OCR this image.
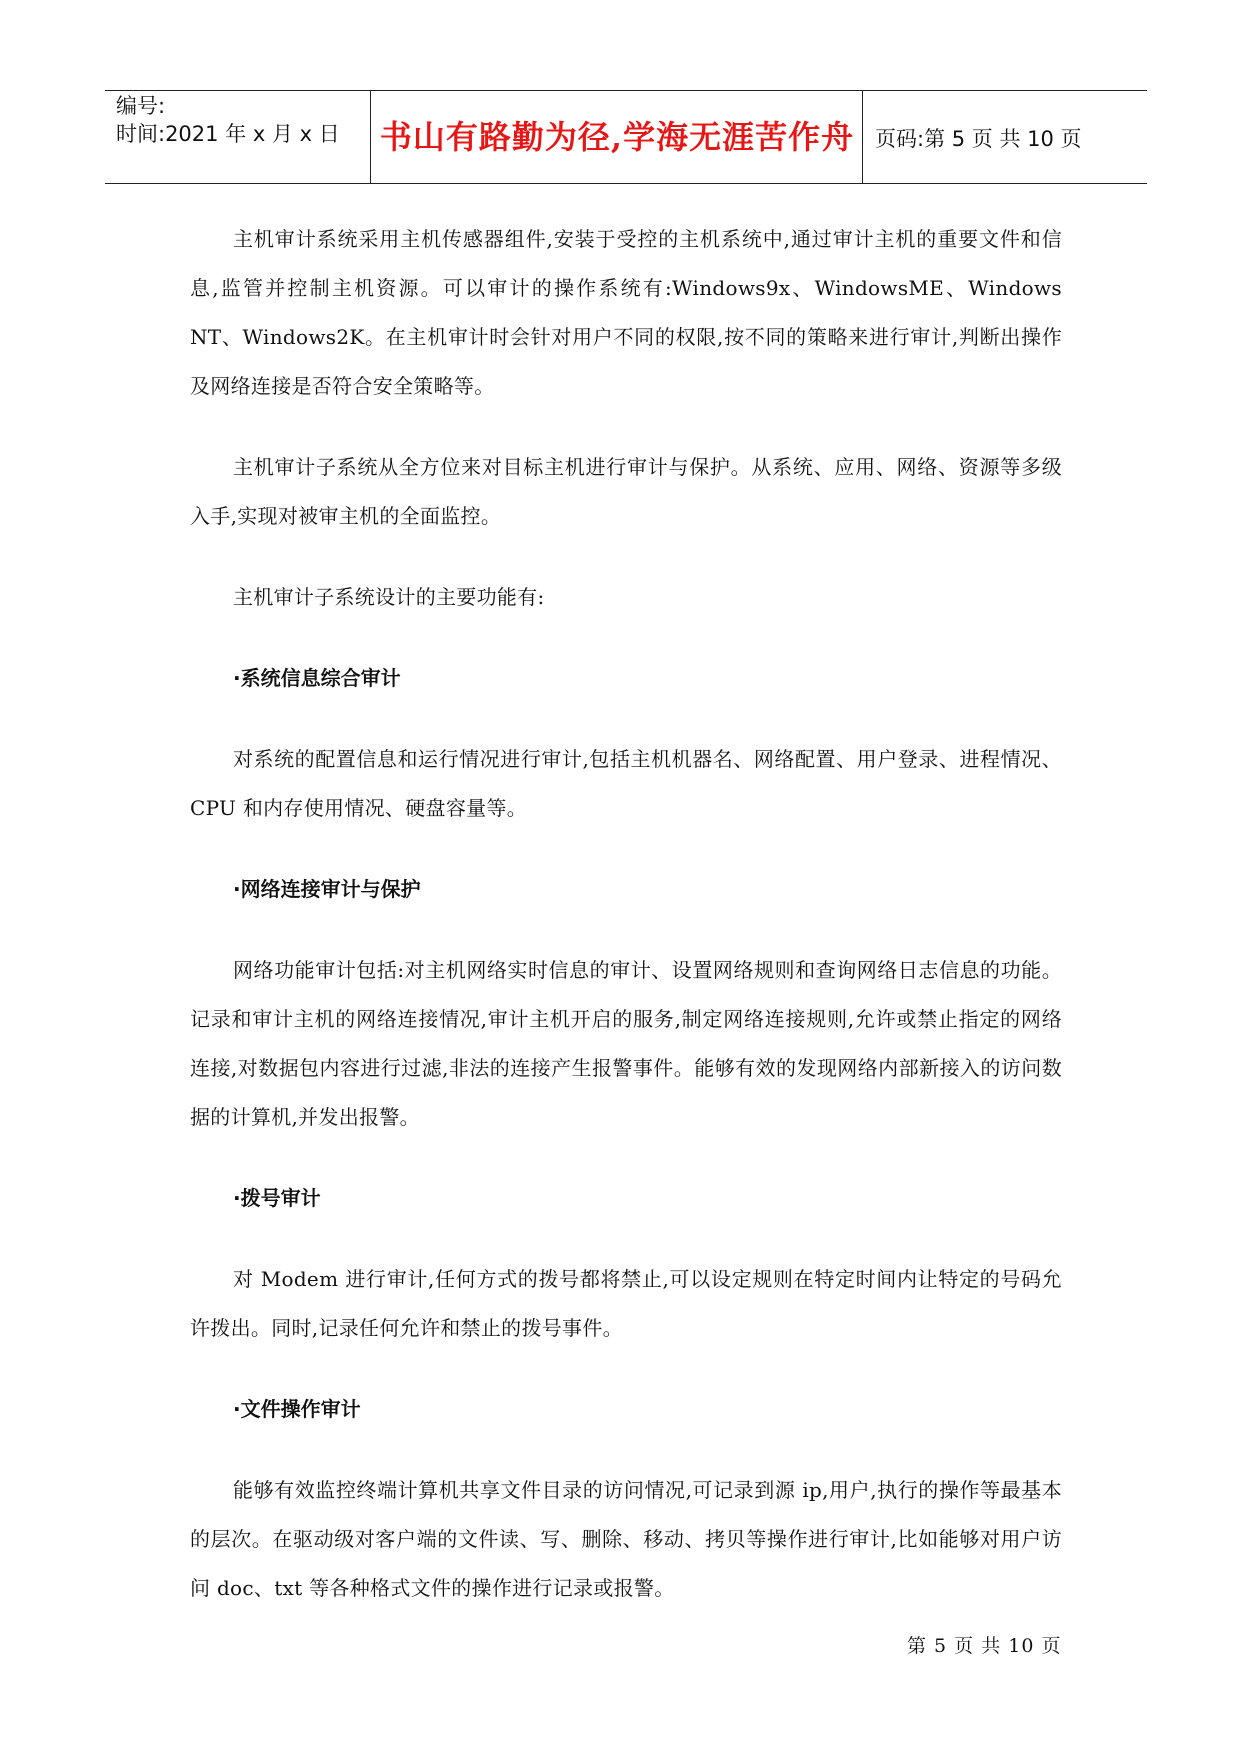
编号:
时间:2021 年 x 月 x 日	书山有路勤为径,学海无涯苦作舟 页码:第 5 页 共 10 页

主机审计系统采用主机传感器组件,安装于受控的主机系统中,通过审计主机的重要文件和信息,监管并控制主机资源。可以审计的操作系统有:Windows9x、WindowsME、Windows NT、Windows2K。在主机审计时会针对用户不同的权限,按不同的策略来进行审计,判断出操作及网络连接是否符合安全策略等。

主机审计子系统从全方位来对目标主机进行审计与保护。从系统、应用、网络、资源等多级入手,实现对被审主机的全面监控。

主机审计子系统设计的主要功能有:

·系统信息综合审计

对系统的配置信息和运行情况进行审计,包括主机机器名、网络配置、用户登录、进程情况、CPU 和内存使用情况、硬盘容量等。

·网络连接审计与保护

网络功能审计包括:对主机网络实时信息的审计、设置网络规则和查询网络日志信息的功能。记录和审计主机的网络连接情况,审计主机开启的服务,制定网络连接规则,允许或禁止指定的网络连接,对数据包内容进行过滤,非法的连接产生报警事件。能够有效的发现网络内部新接入的访问数据的计算机,并发出报警。

·拨号审计

对 Modem 进行审计,任何方式的拨号都将禁止,可以设定规则在特定时间内让特定的号码允许拨出。同时,记录任何允许和禁止的拨号事件。

·文件操作审计

能够有效监控终端计算机共享文件目录的访问情况,可记录到源 ip,用户,执行的操作等最基本的层次。在驱动级对客户端的文件读、写、删除、移动、拷贝等操作进行审计,比如能够对用户访问 doc、txt 等各种格式文件的操作进行记录或报警。

第 5 页 共 10 页
